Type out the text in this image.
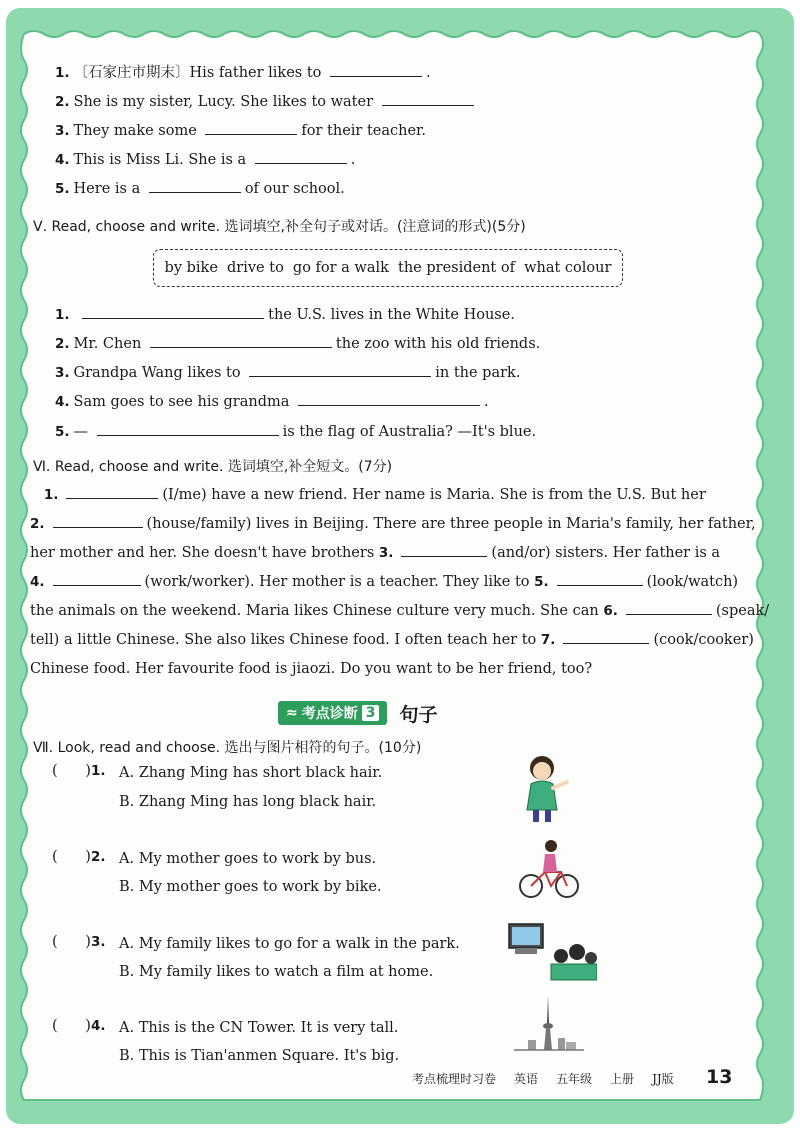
1. 〔石家庄市期末〕His father likes to	.
2. She is my sister, Lucy. She likes to water
3. They make some	for their teacher.
4. This is Miss Li. She is a	.
5. Here is a	of our school.
Ⅴ. Read, choose and write. 选词填空,补全句子或对话。(注意词的形式)(5分)
by bike drive to go for a walk the president of what colour
1.	the U.S. lives in the White House.
2. Mr. Chen	the zoo with his old friends.
3. Grandpa Wang likes to	in the park.
4. Sam goes to see his grandma	.
5. —	is the flag of Australia? —It's blue.
Ⅵ. Read, choose and write. 选词填空,补全短文。(7分)

1.	(I/me) have a new friend. Her name is Maria. She is from the U.S. But her

2.	(house/family) lives in Beijing. There are three people in Maria's family, her father,

her mother and her. She doesn't have brothers 3.	(and/or) sisters. Her father is a

4.	(work/worker). Her mother is a teacher. They like to 5.	(look/watch)

the animals on the weekend. Maria likes Chinese culture very much. She can 6.	(speak/

tell) a little Chinese. She also likes Chinese food. I often teach her to 7.	(cook/cooker)

Chinese food. Her favourite food is jiaozi. Do you want to be her friend, too?

≈ 考点诊断 3 句子
Ⅶ. Look, read and choose. 选出与图片相符的句子。(10分)
(      )1. A. Zhang Ming has short black hair.
B. Zhang Ming has long black hair.
(      )2. A. My mother goes to work by bus.
B. My mother goes to work by bike.
(      )3. A. My family likes to go for a walk in the park.
B. My family likes to watch a film at home.
(      )4. A. This is the CN Tower. It is very tall.
B. This is Tian'anmen Square. It's big.
考点梳理时习卷 英语 五年级 上册 JJ版 13
